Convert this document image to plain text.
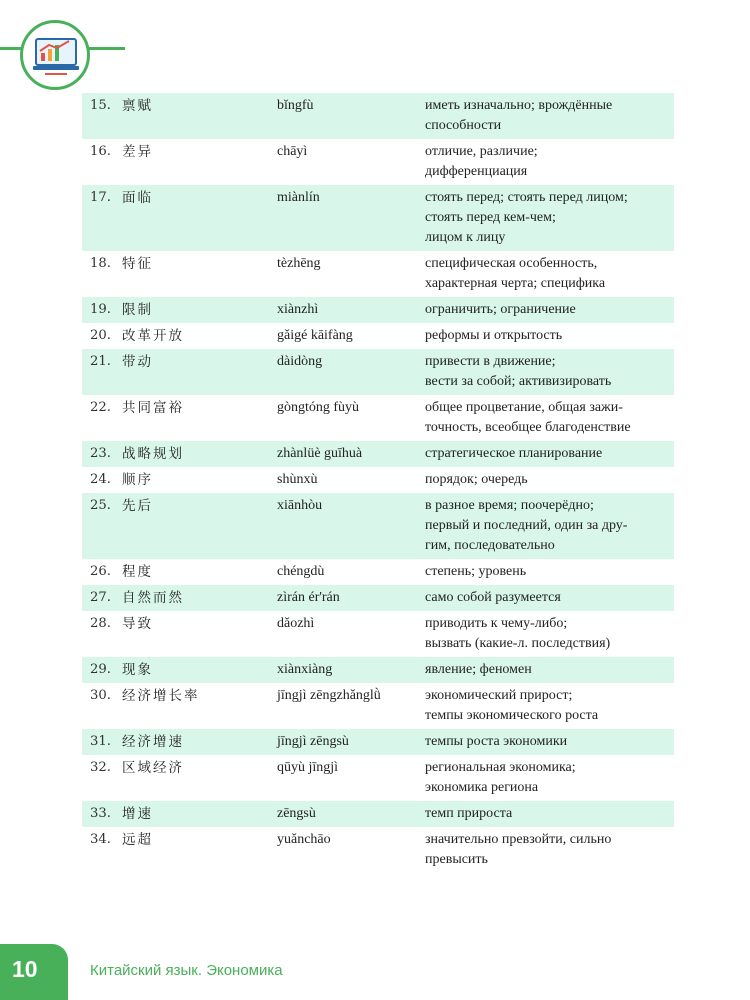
15. 禀赋	bǐngfù	иметь изначально; врождённые
способности
16. 差异	chāyì	отличие, различие;
дифференциация
17. 面临	miànlín	стоять перед; стоять перед лицом;
стоять перед кем-чем;
лицом к лицу
18. 特征	tèzhēng	специфическая особенность,
характерная черта; специфика
19. 限制	xiànzhì	ограничить; ограничение
20. 改革开放	gǎigé kāifàng	реформы и открытость
21. 带动	dàidòng	привести в движение;
вести за собой; активизировать
22. 共同富裕	gòngtóng fùyù	общее процветание, общая зажи-
точность, всеобщее благоденствие
23. 战略规划	zhànlüè guīhuà	стратегическое планирование
24. 顺序	shùnxù	порядок; очередь
25. 先后	xiānhòu	в разное время; поочерёдно;
первый и последний, один за дру-
гим, последовательно
26. 程度	chéngdù	степень; уровень
27. 自然而然	zìrán ér'rán	само собой разумеется
28. 导致	dǎozhì	приводить к чему-либо;
вызвать (какие-л. последствия)
29. 现象	xiànxiàng	явление; феномен
30. 经济增长率	jīngjì zēngzhǎnglǜ	экономический прирост;
темпы экономического роста
31. 经济增速	jīngjì zēngsù	темпы роста экономики
32. 区域经济	qūyù jīngjì	региональная экономика;
экономика региона
33. 增速	zēngsù	темп прироста
34. 远超	yuǎnchāo	значительно превзойти, сильно
превысить
10	Китайский язык. Экономика
